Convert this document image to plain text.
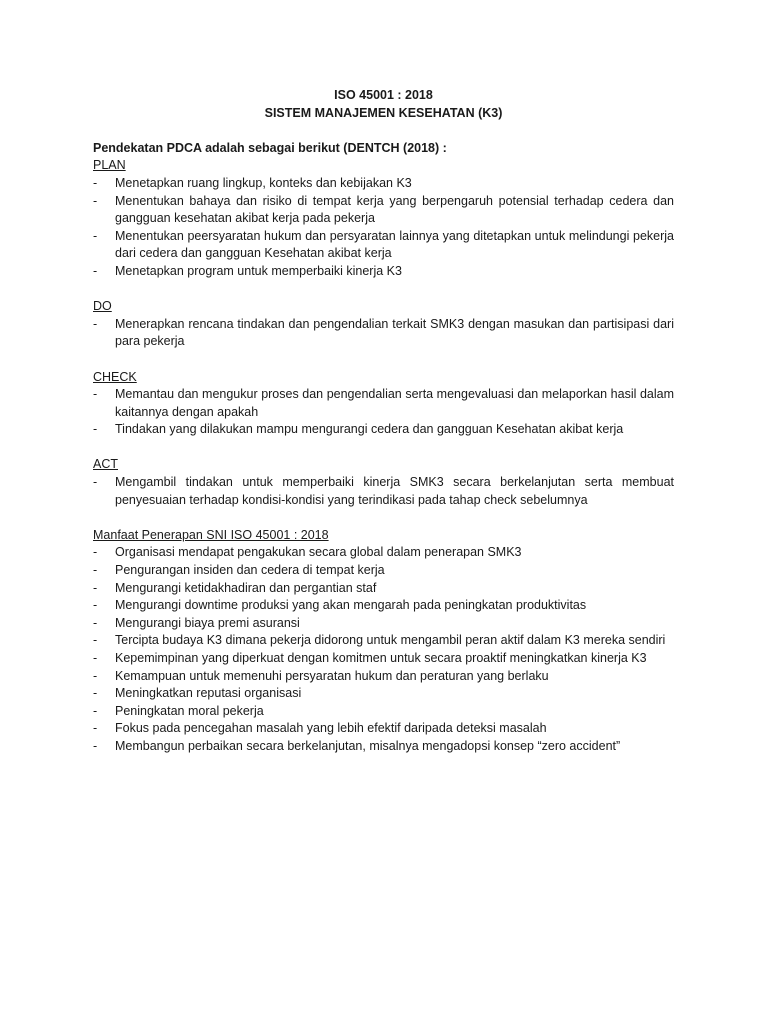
ISO 45001 : 2018

SISTEM MANAJEMEN KESEHATAN (K3)

Pendekatan PDCA adalah sebagai berikut (DENTCH (2018) :

PLAN

- Menetapkan ruang lingkup, konteks dan kebijakan K3
- Menentukan bahaya dan risiko di tempat kerja yang berpengaruh potensial terhadap cedera dan gangguan kesehatan akibat kerja pada pekerja
- Menentukan peersyaratan hukum dan persyaratan lainnya yang ditetapkan untuk melindungi pekerja dari cedera dan gangguan Kesehatan akibat kerja
- Menetapkan program untuk memperbaiki kinerja K3

DO

- Menerapkan rencana tindakan dan pengendalian terkait SMK3 dengan masukan dan partisipasi dari para pekerja

CHECK

- Memantau dan mengukur proses dan pengendalian serta mengevaluasi dan melaporkan hasil dalam kaitannya dengan apakah
- Tindakan yang dilakukan mampu mengurangi cedera dan gangguan Kesehatan akibat kerja

ACT

- Mengambil tindakan untuk memperbaiki kinerja SMK3 secara berkelanjutan serta membuat penyesuaian terhadap kondisi-kondisi yang terindikasi pada tahap check sebelumnya

Manfaat Penerapan SNI ISO 45001 : 2018

- Organisasi mendapat pengakukan secara global dalam penerapan SMK3
- Pengurangan insiden dan cedera di tempat kerja
- Mengurangi ketidakhadiran dan pergantian staf
- Mengurangi downtime produksi yang akan mengarah pada peningkatan produktivitas
- Mengurangi biaya premi asuransi
- Tercipta budaya K3 dimana pekerja didorong untuk mengambil peran aktif dalam K3 mereka sendiri
- Kepemimpinan yang diperkuat dengan komitmen untuk secara proaktif meningkatkan kinerja K3
- Kemampuan untuk memenuhi persyaratan hukum dan peraturan yang berlaku
- Meningkatkan reputasi organisasi
- Peningkatan moral pekerja
- Fokus pada pencegahan masalah yang lebih efektif daripada deteksi masalah
- Membangun perbaikan secara berkelanjutan, misalnya mengadopsi konsep “zero accident”
